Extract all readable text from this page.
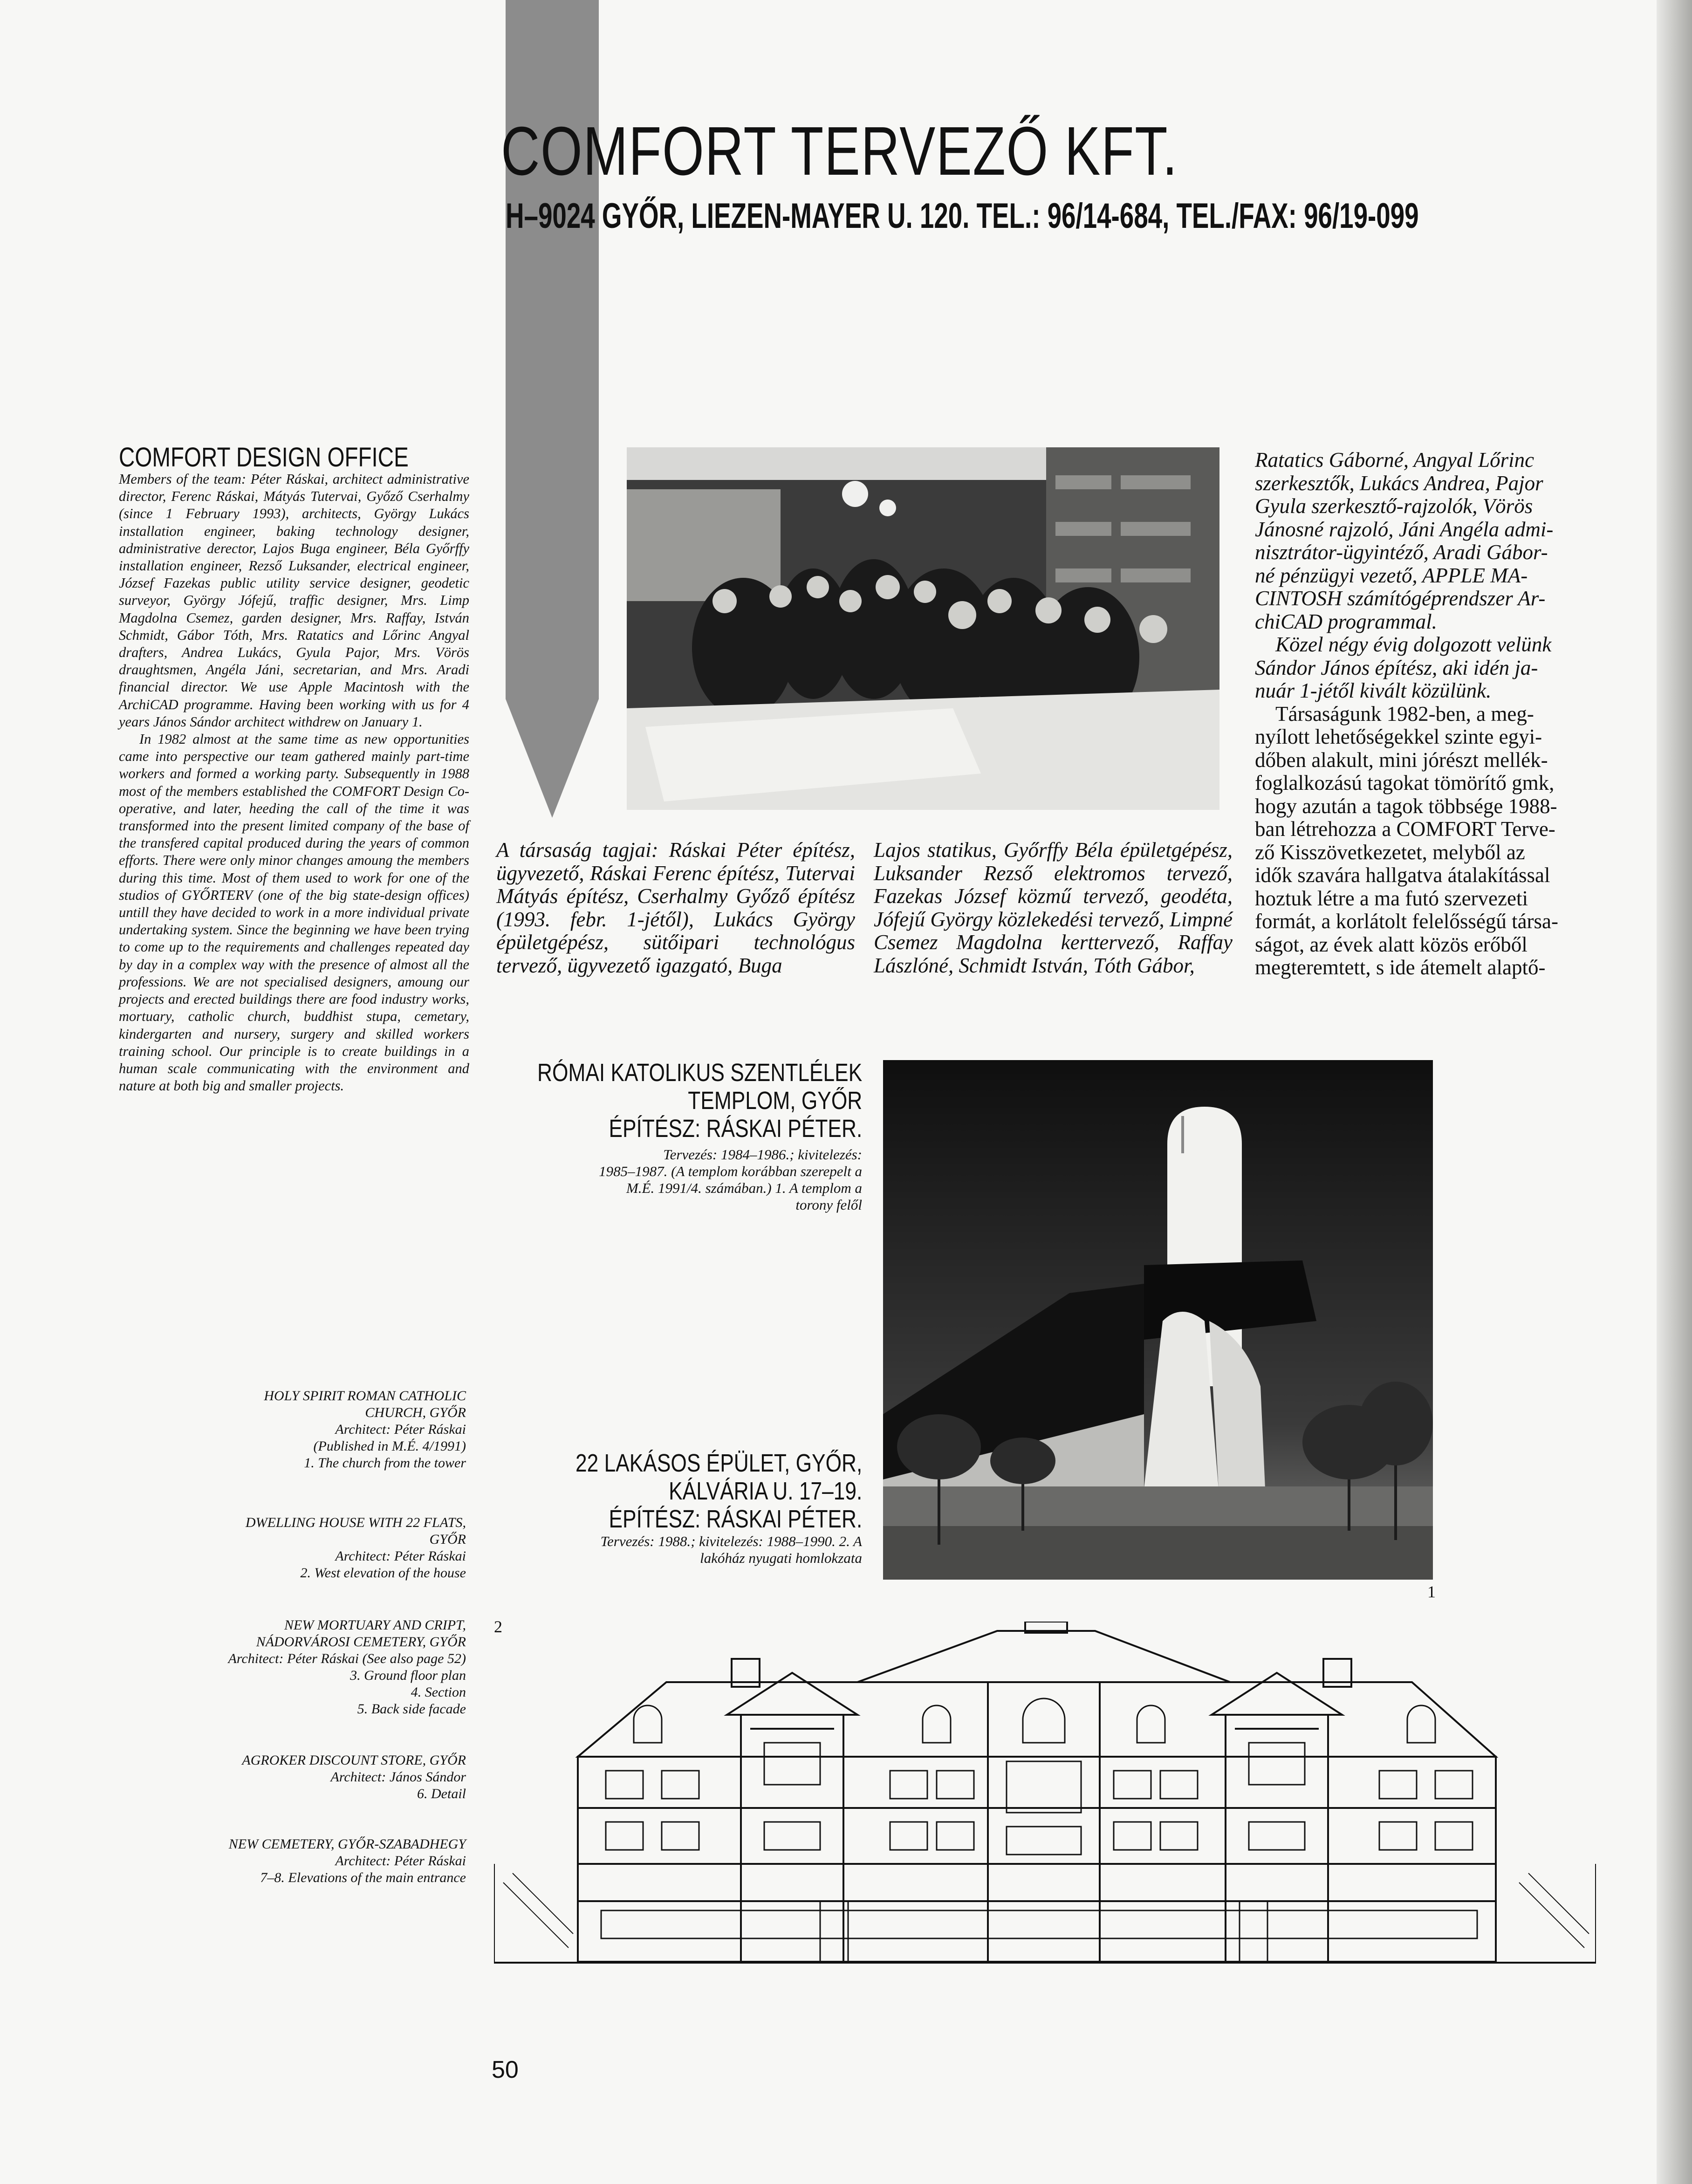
COMFORT TERVEZŐ KFT.
H–9024 GYŐR, LIEZEN-MAYER U. 120. TEL.: 96/14-684, TEL./FAX: 96/19-099
COMFORT DESIGN OFFICE

Members of the team: Péter Ráskai, architect administrative director, Ferenc Ráskai, Mátyás Tutervai, Győző Cserhalmy (since 1 February 1993), architects, György Lukács installation engineer, baking technology designer, administrative derector, Lajos Buga engineer, Béla Győrffy installation engineer, Rezső Luksander, electrical engineer, József Fazekas public utility service designer, geodetic surveyor, György Jófejű, traffic designer, Mrs. Limp Magdolna Csemez, garden designer, Mrs. Raffay, István Schmidt, Gábor Tóth, Mrs. Ratatics and Lőrinc Angyal drafters, Andrea Lukács, Gyula Pajor, Mrs. Vörös draughtsmen, Angéla Jáni, secretarian, and Mrs. Aradi financial director. We use Apple Macintosh with the ArchiCAD programme. Having been working with us for 4 years János Sándor architect withdrew on January 1.

In 1982 almost at the same time as new opportunities came into perspective our team gathered mainly part-time workers and formed a working party. Subsequently in 1988 most of the members established the COMFORT Design Co-operative, and later, heeding the call of the time it was transformed into the present limited company of the base of the transfered capital produced during the years of common efforts. There were only minor changes amoung the members during this time. Most of them used to work for one of the studios of GYŐRTERV (one of the big state-design offices) untill they have decided to work in a more individual private undertaking system. Since the beginning we have been trying to come up to the requirements and challenges repeated day by day in a complex way with the presence of almost all the professions. We are not specialised designers, amoung our projects and erected buildings there are food industry works, mortuary, catholic church, buddhist stupa, cemetary, kindergarten and nursery, surgery and skilled workers training school. Our principle is to create buildings in a human scale communicating with the environment and nature at both big and smaller projects.

HOLY SPIRIT ROMAN CATHOLIC
CHURCH, GYŐR
Architect: Péter Ráskai
(Published in M.É. 4/1991)
1. The church from the tower
DWELLING HOUSE WITH 22 FLATS,
GYŐR
Architect: Péter Ráskai
2. West elevation of the house
NEW MORTUARY AND CRIPT,
NÁDORVÁROSI CEMETERY, GYŐR
Architect: Péter Ráskai (See also page 52)
3. Ground floor plan
4. Section
5. Back side facade
AGROKER DISCOUNT STORE, GYŐR
Architect: János Sándor
6. Detail
NEW CEMETERY, GYŐR-SZABADHEGY
Architect: Péter Ráskai
7–8. Elevations of the main entrance
A társaság tagjai: Ráskai Péter építész, ügyvezető, Ráskai Ferenc építész, Tutervai Mátyás építész, Cserhalmy Győző építész (1993. febr. 1-jétől), Lukács György épületgépész, sütőipari technológus tervező, ügyvezető igazgató, Buga
Lajos statikus, Győrffy Béla épületgépész, Luksander Rezső elektromos tervező, Fazekas József közmű tervező, geodéta, Jófejű György közlekedési tervező, Limpné Csemez Magdolna kerttervező, Raffay Lászlóné, Schmidt István, Tóth Gábor,
Ratatics Gáborné, Angyal Lőrinc
szerkesztők, Lukács Andrea, Pajor
Gyula szerkesztő-rajzolók, Vörös
Jánosné rajzoló, Jáni Angéla admi-
nisztrátor-ügyintéző, Aradi Gábor-
né pénzügyi vezető, APPLE MA-
CINTOSH számítógéprendszer Ar-
chiCAD programmal.
Közel négy évig dolgozott velünk
Sándor János építész, aki idén ja-
nuár 1-jétől kivált közülünk.
Társaságunk 1982-ben, a meg-
nyílott lehetőségekkel szinte egyi-
dőben alakult, mini jórészt mellék-
foglalkozású tagokat tömörítő gmk,
hogy azután a tagok többsége 1988-
ban létrehozza a COMFORT Terve-
ző Kisszövetkezetet, melyből az
idők szavára hallgatva átalakítással
hoztuk létre a ma futó szervezeti
formát, a korlátolt felelősségű társa-
ságot, az évek alatt közös erőből
megteremtett, s ide átemelt alaptő-
RÓMAI KATOLIKUS SZENTLÉLEK
TEMPLOM, GYŐR
ÉPÍTÉSZ: RÁSKAI PÉTER.
Tervezés: 1984–1986.; kivitelezés:
1985–1987. (A templom korábban szerepelt a
M.É. 1991/4. számában.) 1. A templom a
torony felől
22 LAKÁSOS ÉPÜLET, GYŐR,
KÁLVÁRIA U. 17–19.
ÉPÍTÉSZ: RÁSKAI PÉTER.
Tervezés: 1988.; kivitelezés: 1988–1990. 2. A
lakóház nyugati homlokzata
1
2
50
